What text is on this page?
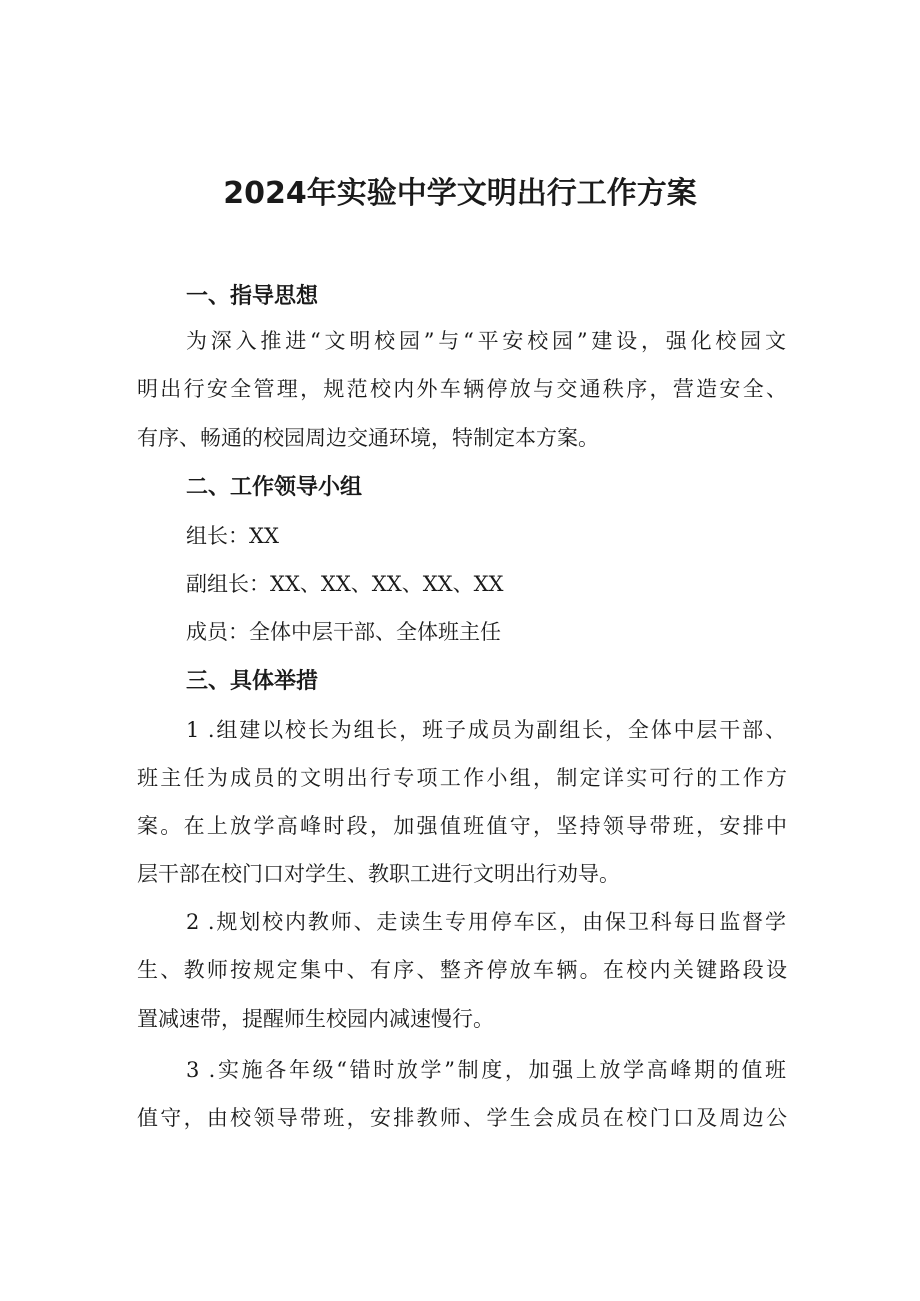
2024年实验中学文明出行工作方案
一、指导思想

为深入推进“文明校园”与“平安校园”建设，强化校园文

明出行安全管理，规范校内外车辆停放与交通秩序，营造安全、

有序、畅通的校园周边交通环境，特制定本方案。

二、工作领导小组

组长：XX

副组长：XX、XX、XX、XX、XX

成员：全体中层干部、全体班主任

三、具体举措

1 .组建以校长为组长，班子成员为副组长，全体中层干部、

班主任为成员的文明出行专项工作小组，制定详实可行的工作方

案。在上放学高峰时段，加强值班值守，坚持领导带班，安排中

层干部在校门口对学生、教职工进行文明出行劝导。

2 .规划校内教师、走读生专用停车区，由保卫科每日监督学

生、教师按规定集中、有序、整齐停放车辆。在校内关键路段设

置减速带，提醒师生校园内减速慢行。

3 .实施各年级“错时放学”制度，加强上放学高峰期的值班

值守，由校领导带班，安排教师、学生会成员在校门口及周边公
